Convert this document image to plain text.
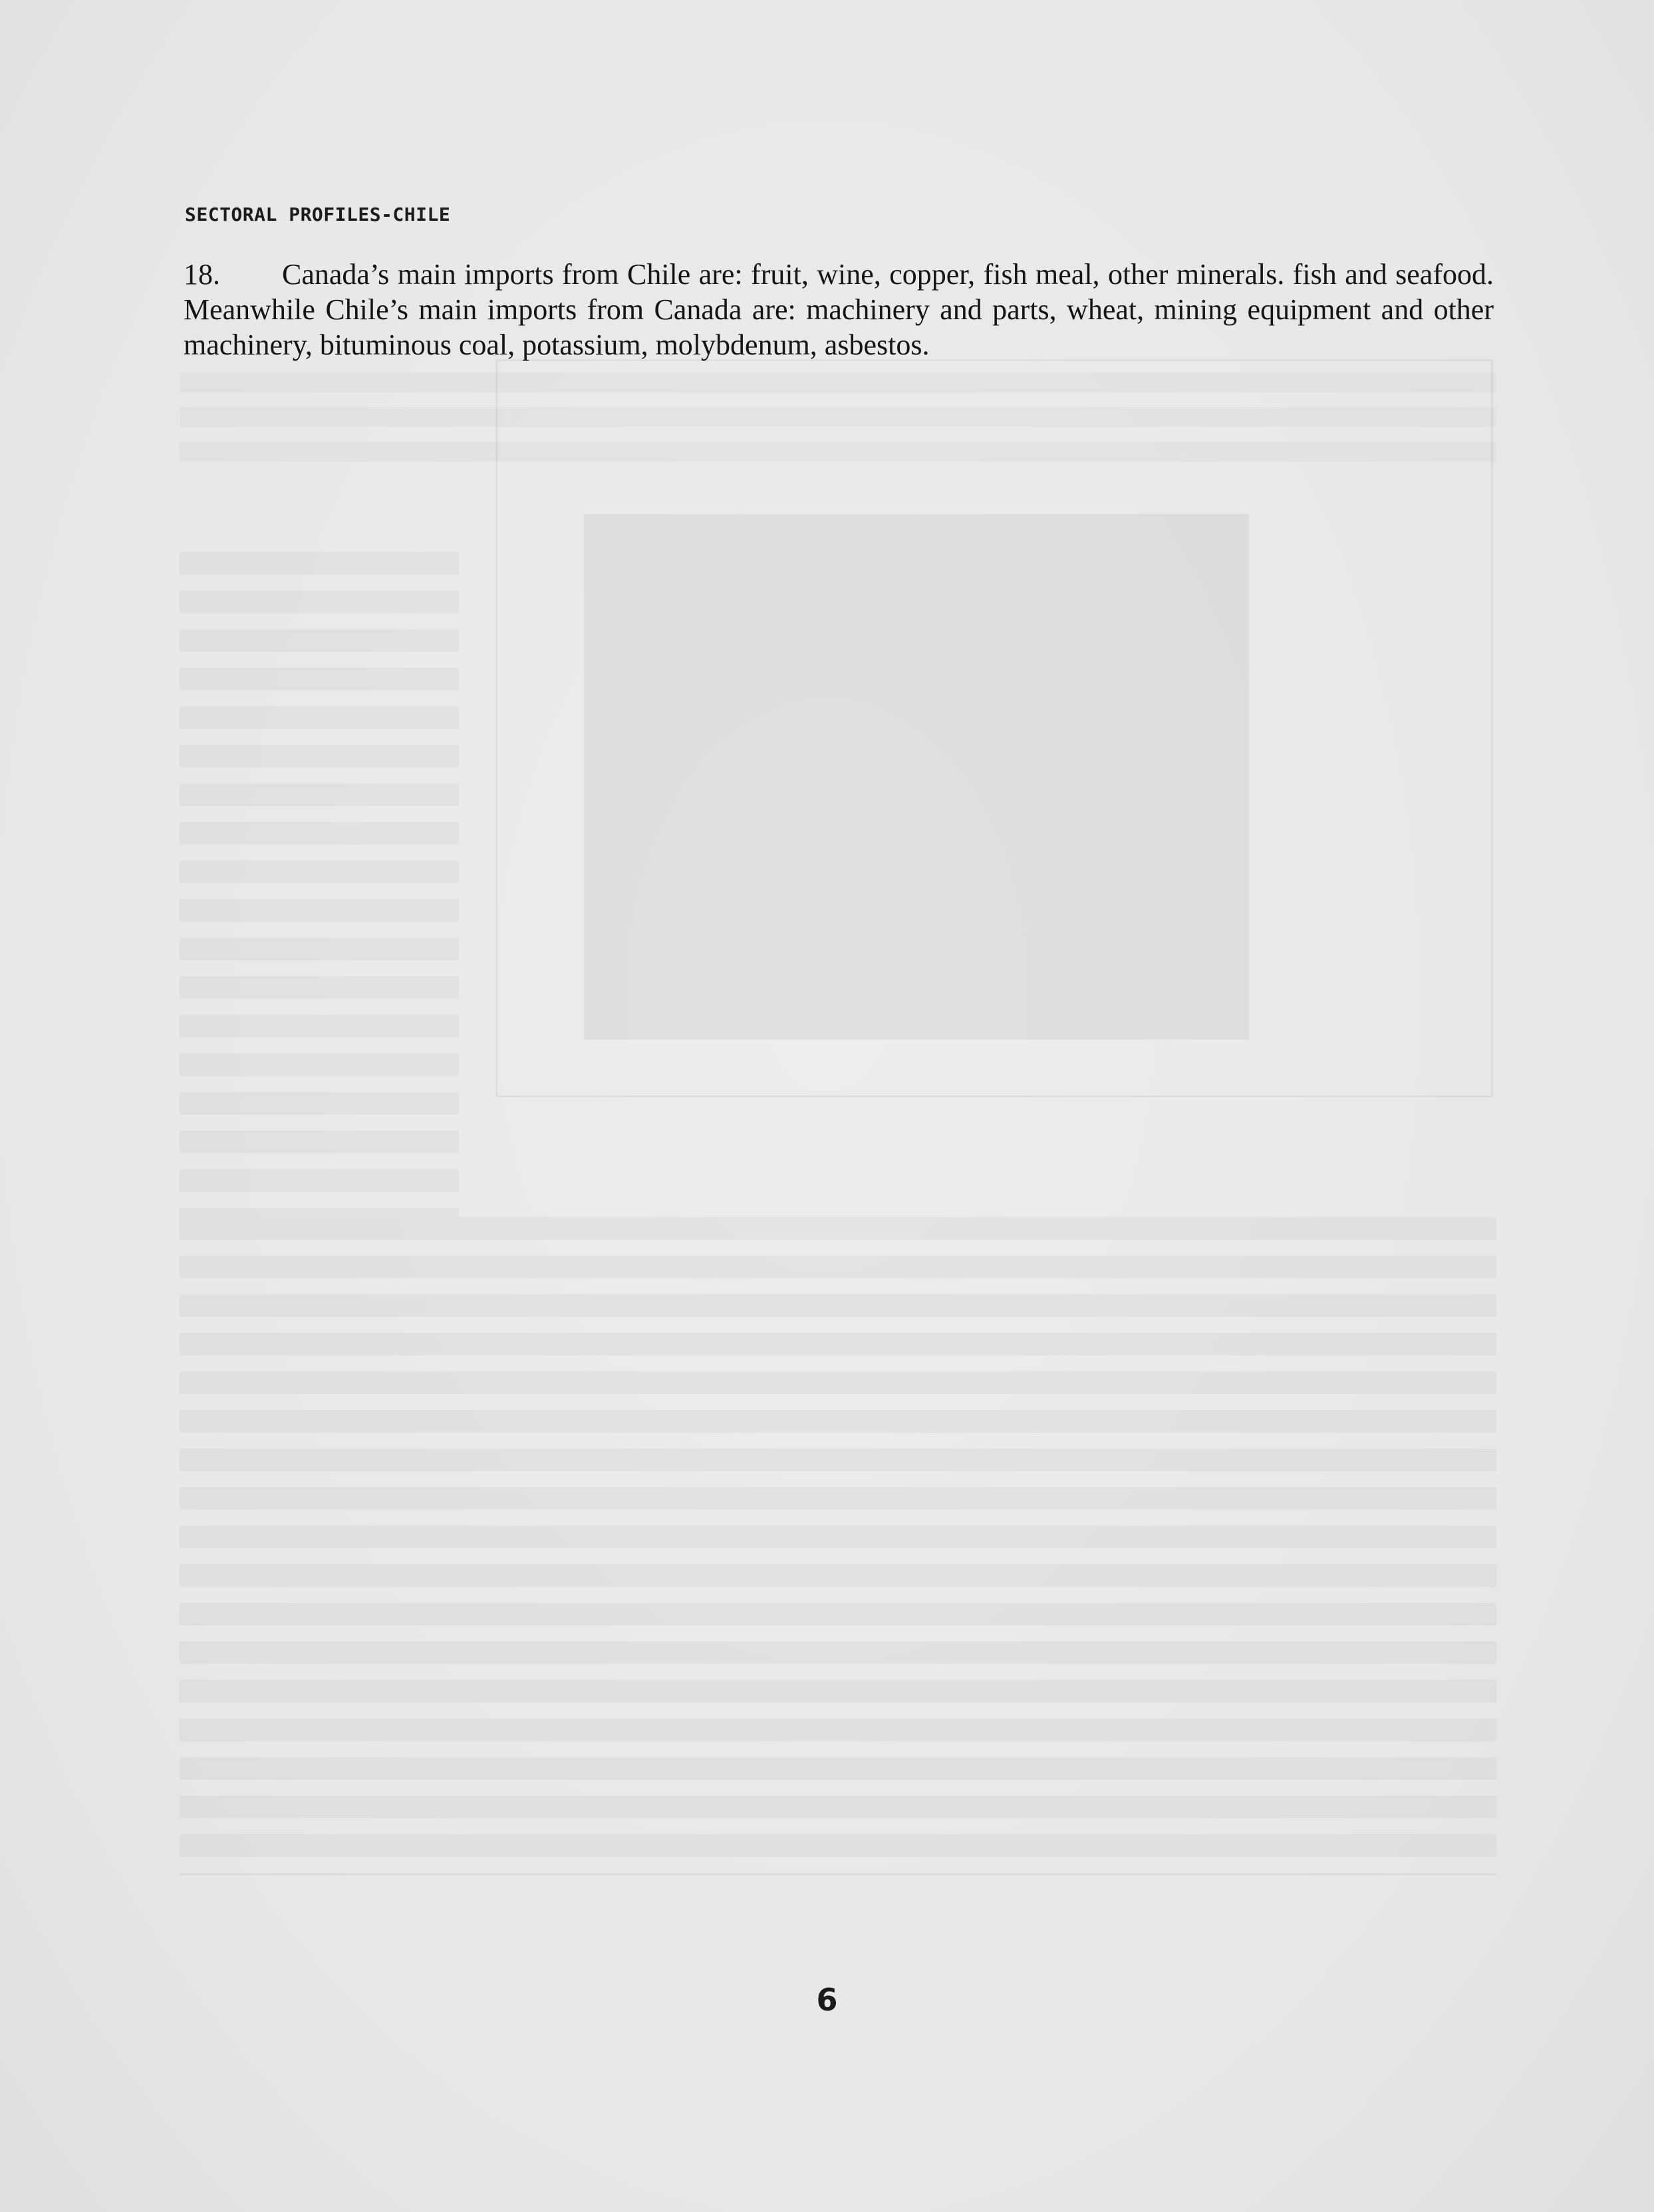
SECTORAL PROFILES-CHILE
18. Canada’s main imports from Chile are: fruit, wine, copper, fish meal, other minerals. fish and seafood. Meanwhile Chile’s main imports from Canada are: machinery and parts, wheat, mining equipment and other machinery, bituminous coal, potassium, molybdenum, asbestos.
6
